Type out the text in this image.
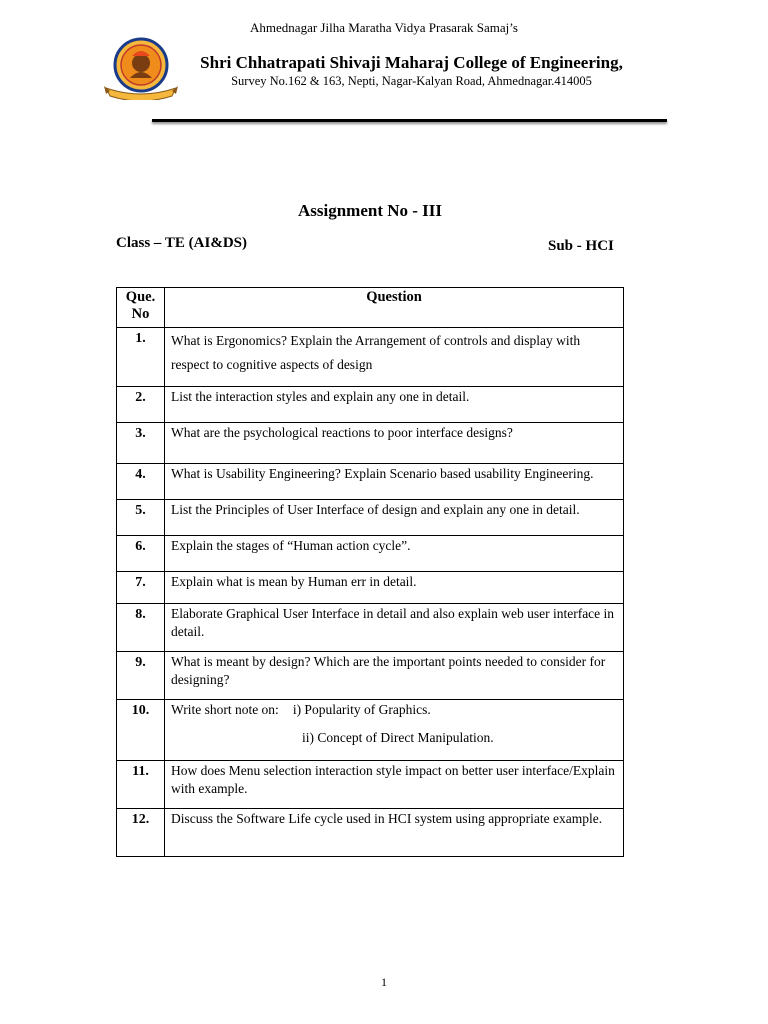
Ahmednagar Jilha Maratha Vidya Prasarak Samaj’s
Shri Chhatrapati Shivaji Maharaj College of Engineering,
Survey No.162 & 163, Nepti, Nagar-Kalyan Road, Ahmednagar.414005
Assignment No - III
Class – TE (AI&DS)	Sub - HCI
Que. No	Question
1.	What is Ergonomics? Explain the Arrangement of controls and display with respect to cognitive aspects of design
2.	List the interaction styles and explain any one in detail.
3.	What are the psychological reactions to poor interface designs?
4.	What is Usability Engineering? Explain Scenario based usability Engineering.
5.	List the Principles of User Interface of design and explain any one in detail.
6.	Explain the stages of “Human action cycle”.
7.	Explain what is mean by Human err in detail.
8.	Elaborate Graphical User Interface in detail and also explain web user interface in detail.
9.	What is meant by design? Which are the important points needed to consider for designing?
10.	Write short note on: i) Popularity of Graphics.
ii) Concept of Direct Manipulation.

11.	How does Menu selection interaction style impact on better user interface/Explain with example.
12.	Discuss the Software Life cycle used in HCI system using appropriate example.
1
